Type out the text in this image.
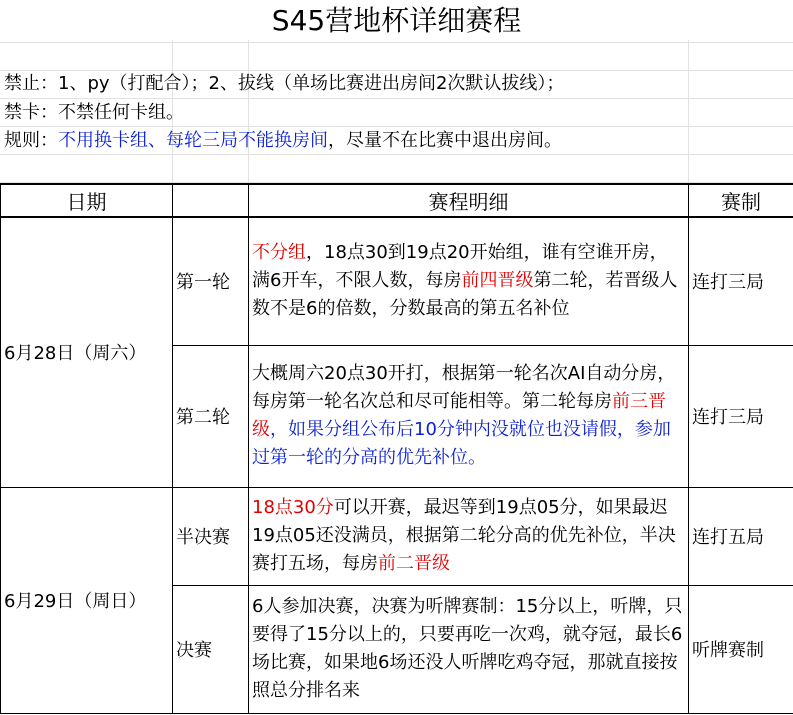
S45营地杯详细赛程
禁止：1、py（打配合）；2、拔线（单场比赛进出房间2次默认拔线）；
禁卡：不禁任何卡组。
规则：不用换卡组、每轮三局不能换房间，尽量不在比赛中退出房间。
日期		赛程明细	赛制
6月28日（周六）	第一轮	不分组，18点30到19点20开始组，谁有空谁开房，满6开车，不限人数，每房前四晋级第二轮，若晋级人数不是6的倍数，分数最高的第五名补位	连打三局
	第二轮	大概周六20点30开打，根据第一轮名次AI自动分房，每房第一轮名次总和尽可能相等。第二轮每房前三晋级，如果分组公布后10分钟内没就位也没请假，参加过第一轮的分高的优先补位。	连打三局
6月29日（周日）	半决赛	18点30分可以开赛，最迟等到19点05分，如果最迟19点05还没满员，根据第二轮分高的优先补位，半决赛打五场，每房前二晋级	连打五局
	决赛	6人参加决赛，决赛为听牌赛制：15分以上，听牌，只要得了15分以上的，只要再吃一次鸡，就夺冠，最长6场比赛，如果地6场还没人听牌吃鸡夺冠，那就直接按照总分排名来	听牌赛制
